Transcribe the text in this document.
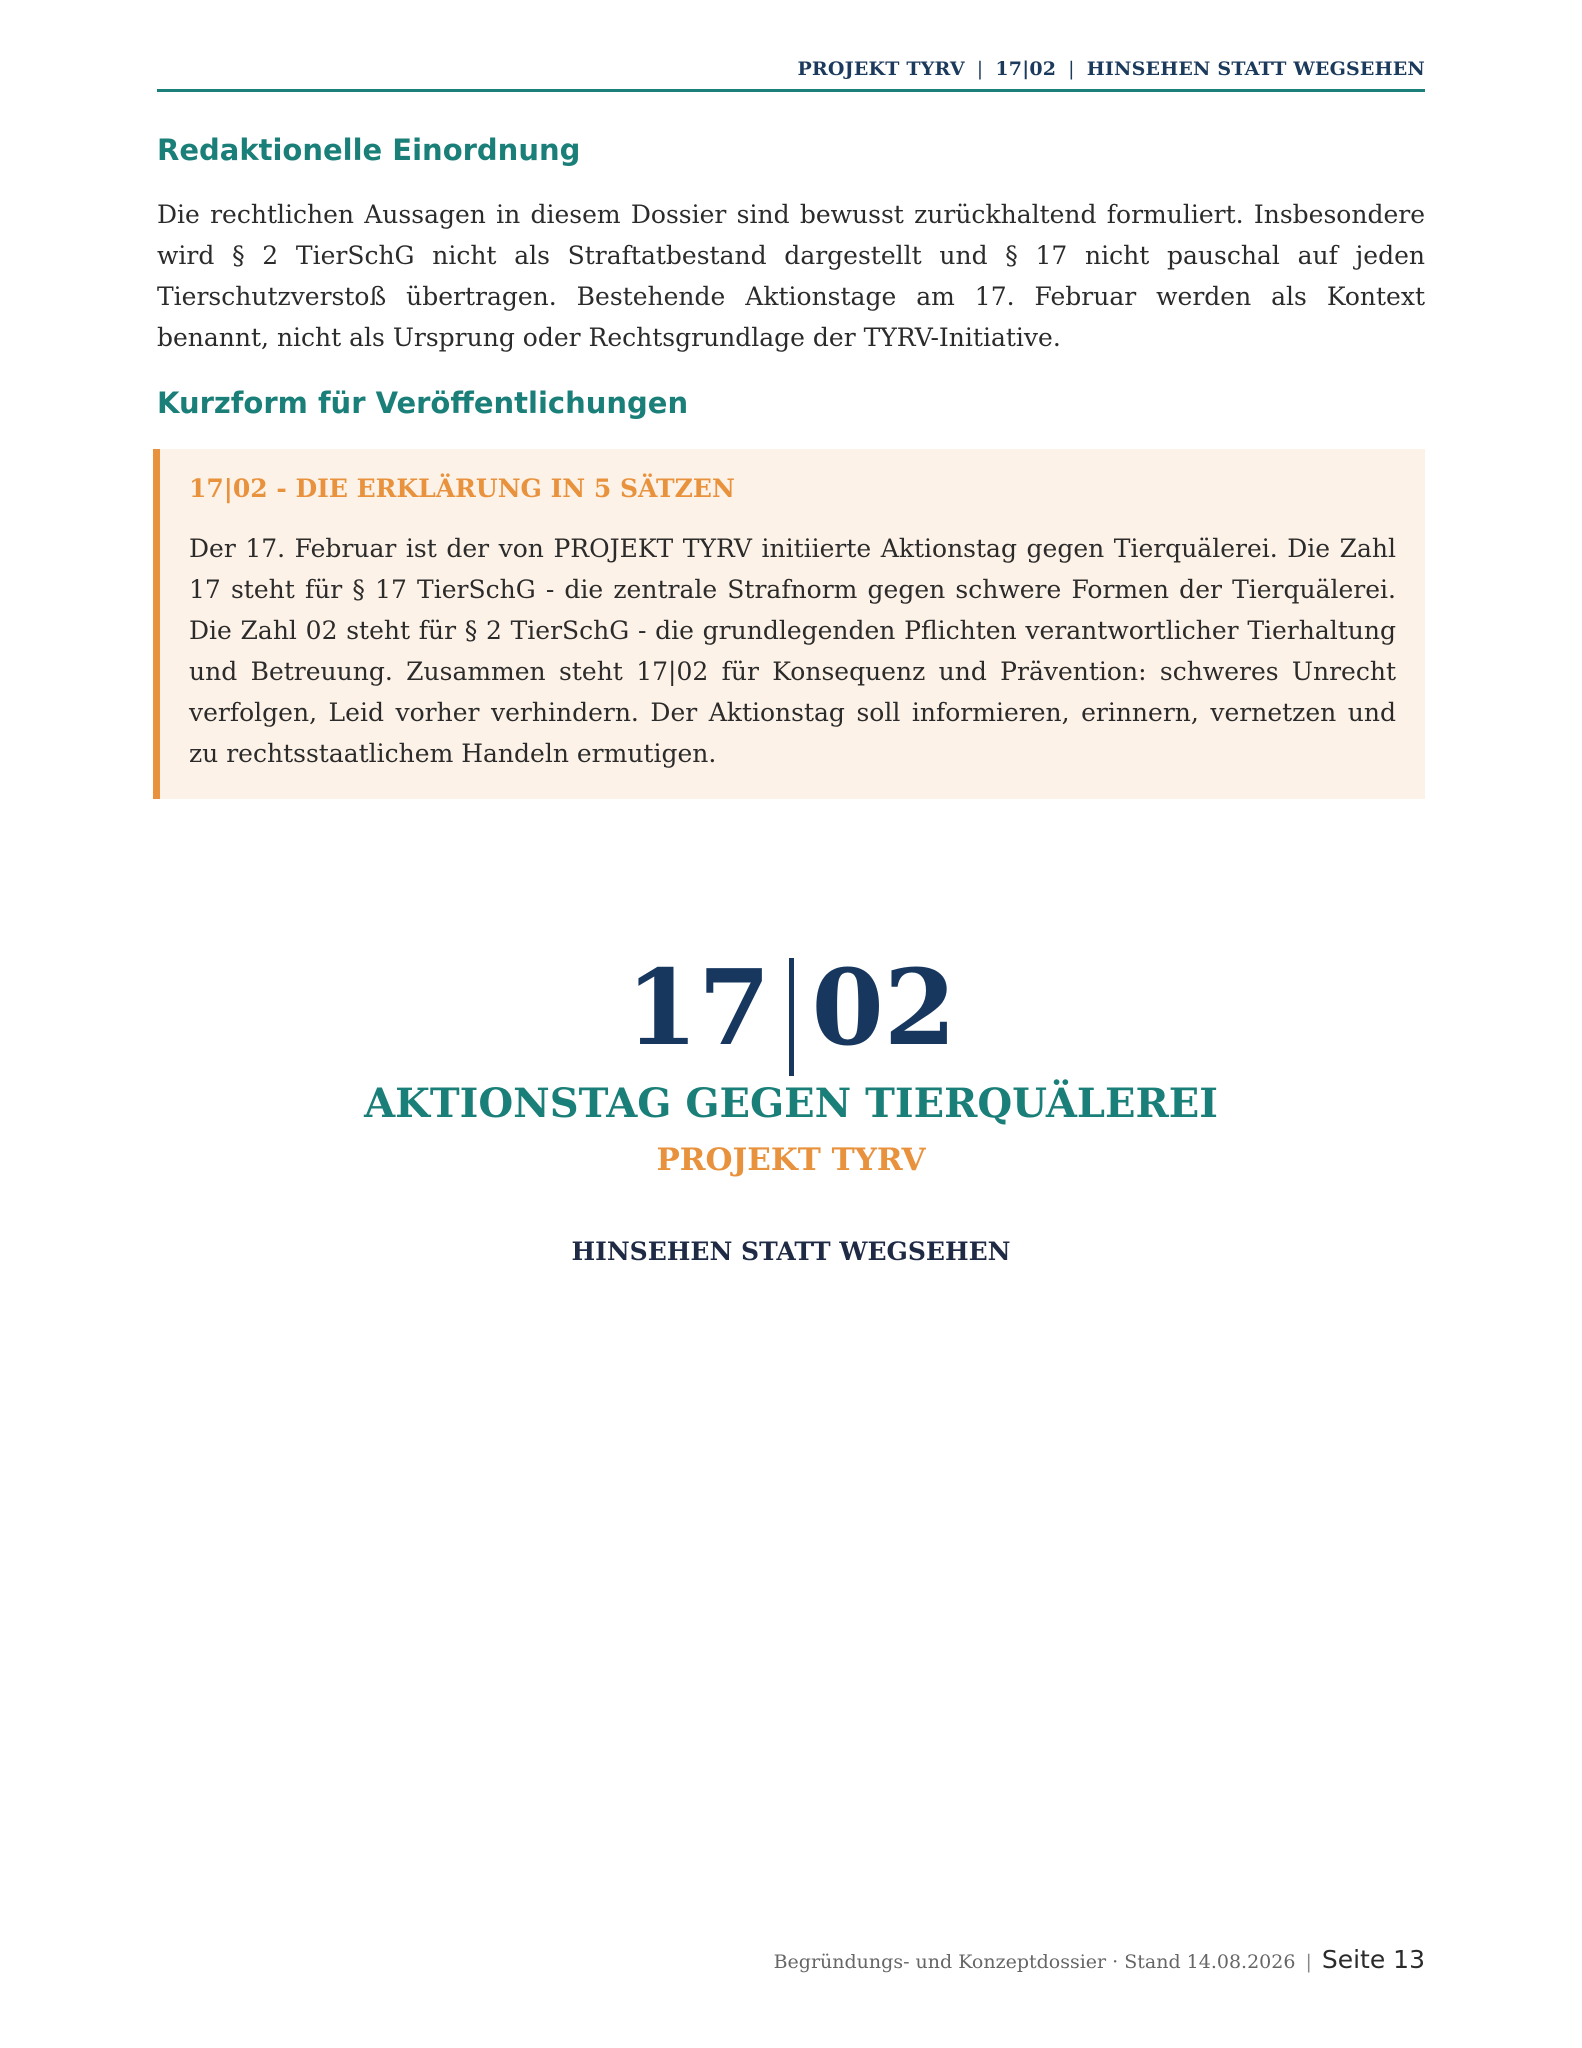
PROJEKT TYRV | 17|02 | HINSEHEN STATT WEGSEHEN
Redaktionelle Einordnung

Die rechtlichen Aussagen in diesem Dossier sind bewusst zurückhaltend formuliert. Insbesondere wird § 2 TierSchG nicht als Straftatbestand dargestellt und § 17 nicht pauschal auf jeden Tierschutzverstoß übertragen. Bestehende Aktionstage am 17. Februar werden als Kontext benannt, nicht als Ursprung oder Rechtsgrundlage der TYRV-Initiative.

Kurzform für Veröffentlichungen

17|02 - DIE ERKLÄRUNG IN 5 SÄTZEN

Der 17. Februar ist der von PROJEKT TYRV initiierte Aktionstag gegen Tierquälerei. Die Zahl 17 steht für § 17 TierSchG - die zentrale Strafnorm gegen schwere Formen der Tierquälerei. Die Zahl 02 steht für § 2 TierSchG - die grundlegenden Pflichten verantwortlicher Tierhaltung und Betreuung. Zusammen steht 17|02 für Konsequenz und Prävention: schweres Unrecht verfolgen, Leid vorher verhindern. Der Aktionstag soll informieren, erinnern, vernetzen und zu rechtsstaatlichem Handeln ermutigen.

17 02

AKTIONSTAG GEGEN TIERQUÄLEREI

PROJEKT TYRV

HINSEHEN STATT WEGSEHEN

Begründungs- und Konzeptdossier · Stand 14.08.2026 | Seite 13
